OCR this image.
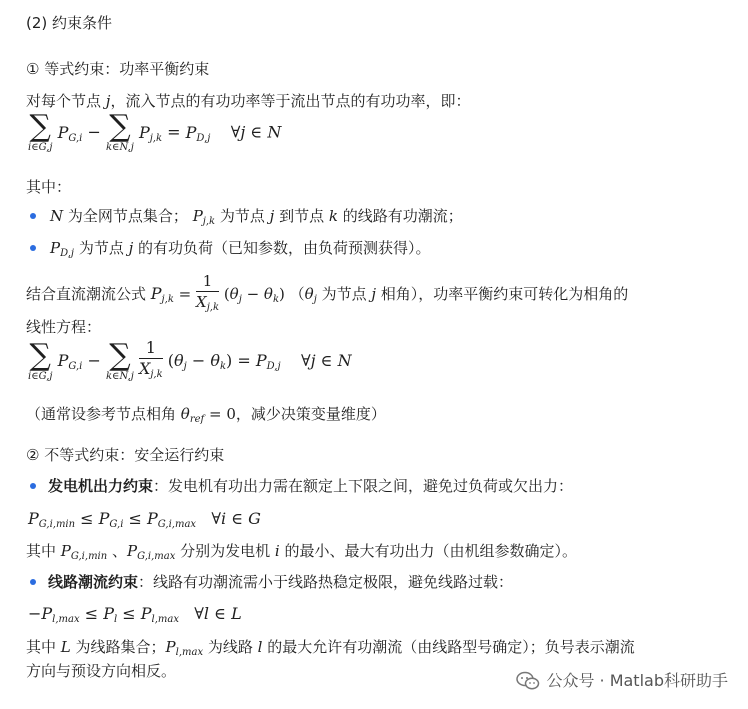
(2) 约束条件
① 等式约束：功率平衡约束
对每个节点 j，流入节点的有功功率等于流出节点的有功功率，即：
∑
i∈G,j
$P_{G,i}$ − ∑
k∈N,j
$P_{j,k} = P_{D,j}$    ∀j ∈ N
其中：
N 为全网节点集合； $P_{j,k}$ 为节点 j 到节点 k 的线路有功潮流；
$P_{D,j}$ 为节点 j 的有功负荷（已知参数，由负荷预测获得）。
结合直流潮流公式 $P_{j,k} = \frac{1}{X_{j,k}} (\theta_j - \theta_k)$ （$\theta_j$ 为节点 j 相角），功率平衡约束可转化为相角的
线性方程：
∑
i∈G,j
$P_{G,i}$ − ∑
k∈N,j
$\frac{1}{X_{j,k}} (\theta_j - \theta_k) = P_{D,j}$    ∀j ∈ N
（通常设参考节点相角 $\theta_{ref} = 0$，减少决策变量维度）
② 不等式约束：安全运行约束
发电机出力约束：发电机有功出力需在额定上下限之间，避免过负荷或欠出力：
$P_{G,i,min} \le P_{G,i} \le P_{G,i,max}$   ∀i ∈ G
其中 $P_{G,i,min}$ 、$P_{G,i,max}$ 分别为发电机 i 的最小、最大有功出力（由机组参数确定）。
线路潮流约束：线路有功潮流需小于线路热稳定极限，避免线路过载：
$-P_{l,max} \le P_l \le P_{l,max}$   ∀l ∈ L
其中 L 为线路集合；$P_{l,max}$ 为线路 l 的最大允许有功潮流（由线路型号确定）；负号表示潮流
方向与预设方向相反。	公众号 · Matlab科研助手
